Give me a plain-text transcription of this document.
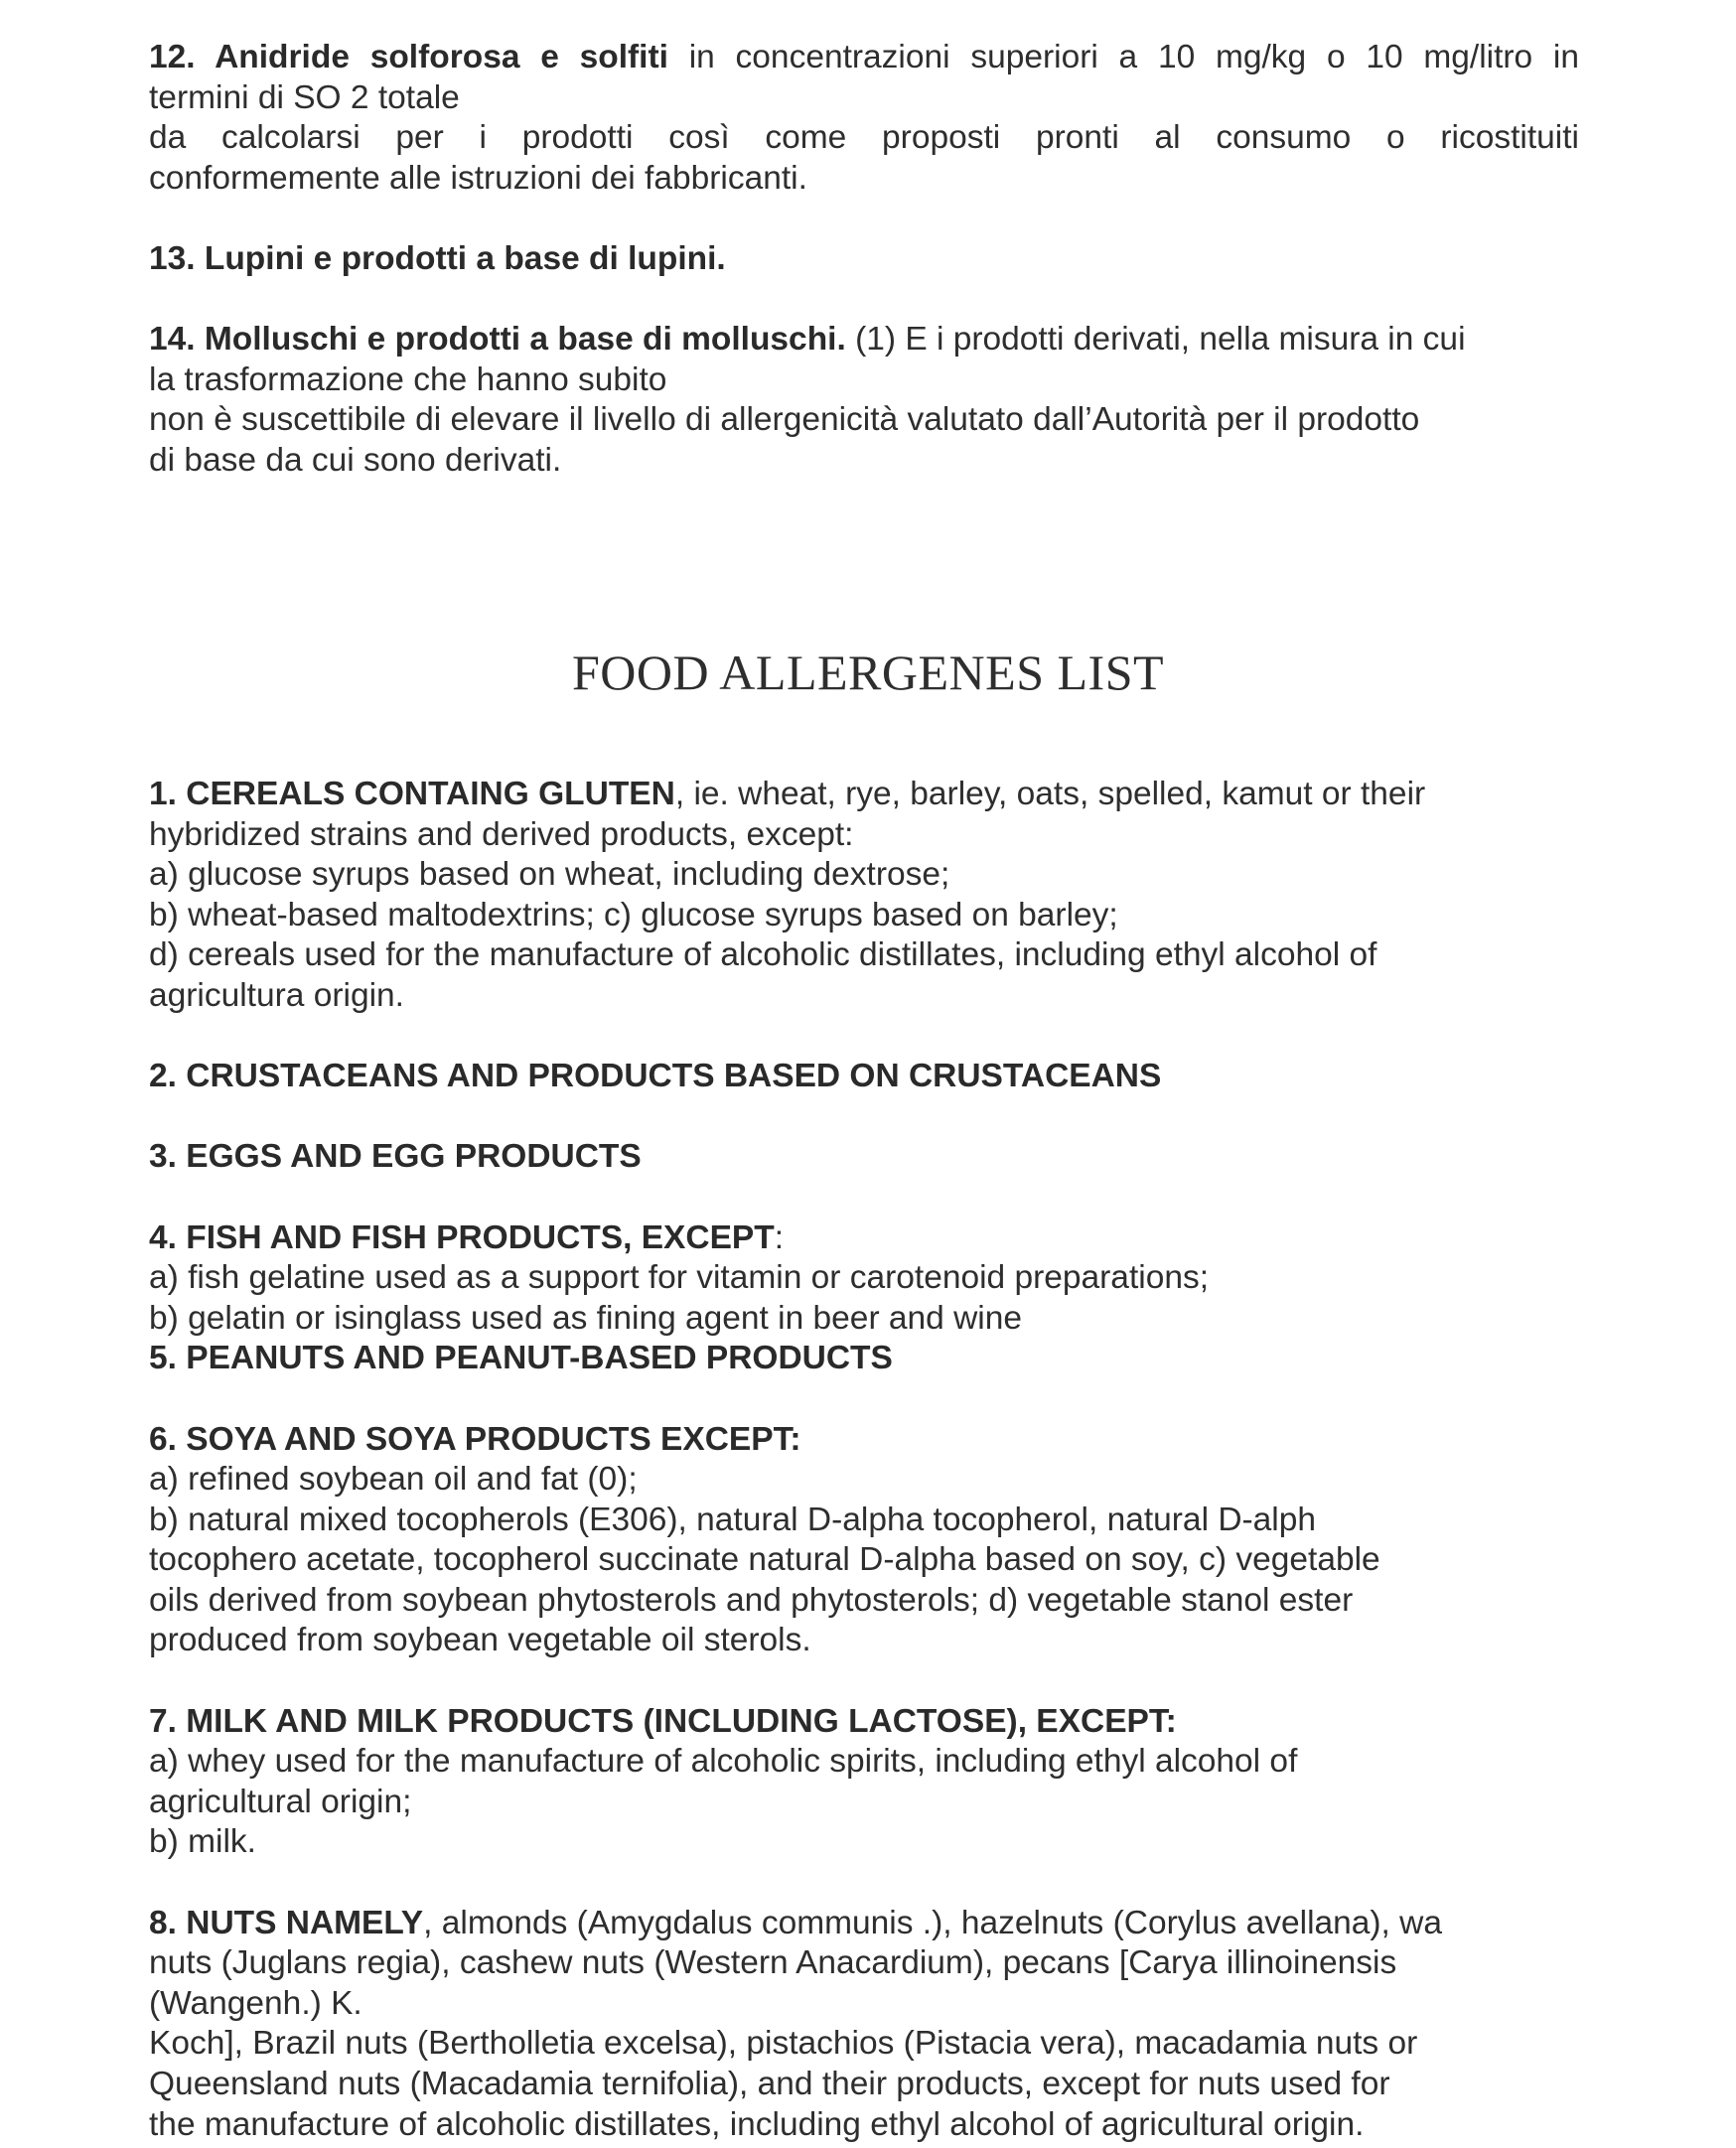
12. Anidride solforosa e solfiti in concentrazioni superiori a 10 mg/kg o 10 mg/litro in
termini di SO 2 totale
da calcolarsi per i prodotti così come proposti pronti al consumo o ricostituiti
conformemente alle istruzioni dei fabbricanti.
13. Lupini e prodotti a base di lupini.
14. Molluschi e prodotti a base di molluschi. (1) E i prodotti derivati, nella misura in cui
la trasformazione che hanno subito
non è suscettibile di elevare il livello di allergenicità valutato dall’Autorità per il prodotto
di base da cui sono derivati.
FOOD ALLERGENES LIST
1. CEREALS CONTAING GLUTEN, ie. wheat, rye, barley, oats, spelled, kamut or their
hybridized strains and derived products, except:
a) glucose syrups based on wheat, including dextrose;
b) wheat-based maltodextrins; c) glucose syrups based on barley;
d) cereals used for the manufacture of alcoholic distillates, including ethyl alcohol of
agricultura origin.
2. CRUSTACEANS AND PRODUCTS BASED ON CRUSTACEANS
3. EGGS AND EGG PRODUCTS
4. FISH AND FISH PRODUCTS, EXCEPT:
a) fish gelatine used as a support for vitamin or carotenoid preparations;
b) gelatin or isinglass used as fining agent in beer and wine
5. PEANUTS AND PEANUT-BASED PRODUCTS
6. SOYA AND SOYA PRODUCTS EXCEPT:
a) refined soybean oil and fat (0);
b) natural mixed tocopherols (E306), natural D-alpha tocopherol, natural D-alph
tocophero acetate, tocopherol succinate natural D-alpha based on soy, c) vegetable
oils derived from soybean phytosterols and phytosterols; d) vegetable stanol ester
produced from soybean vegetable oil sterols.
7. MILK AND MILK PRODUCTS (INCLUDING LACTOSE), EXCEPT:
a) whey used for the manufacture of alcoholic spirits, including ethyl alcohol of
agricultural origin;
b) milk.
8. NUTS NAMELY, almonds (Amygdalus communis .), hazelnuts (Corylus avellana), wa
nuts (Juglans regia), cashew nuts (Western Anacardium), pecans [Carya illinoinensis
(Wangenh.) K.
Koch], Brazil nuts (Bertholletia excelsa), pistachios (Pistacia vera), macadamia nuts or
Queensland nuts (Macadamia ternifolia), and their products, except for nuts used for
the manufacture of alcoholic distillates, including ethyl alcohol of agricultural origin.
